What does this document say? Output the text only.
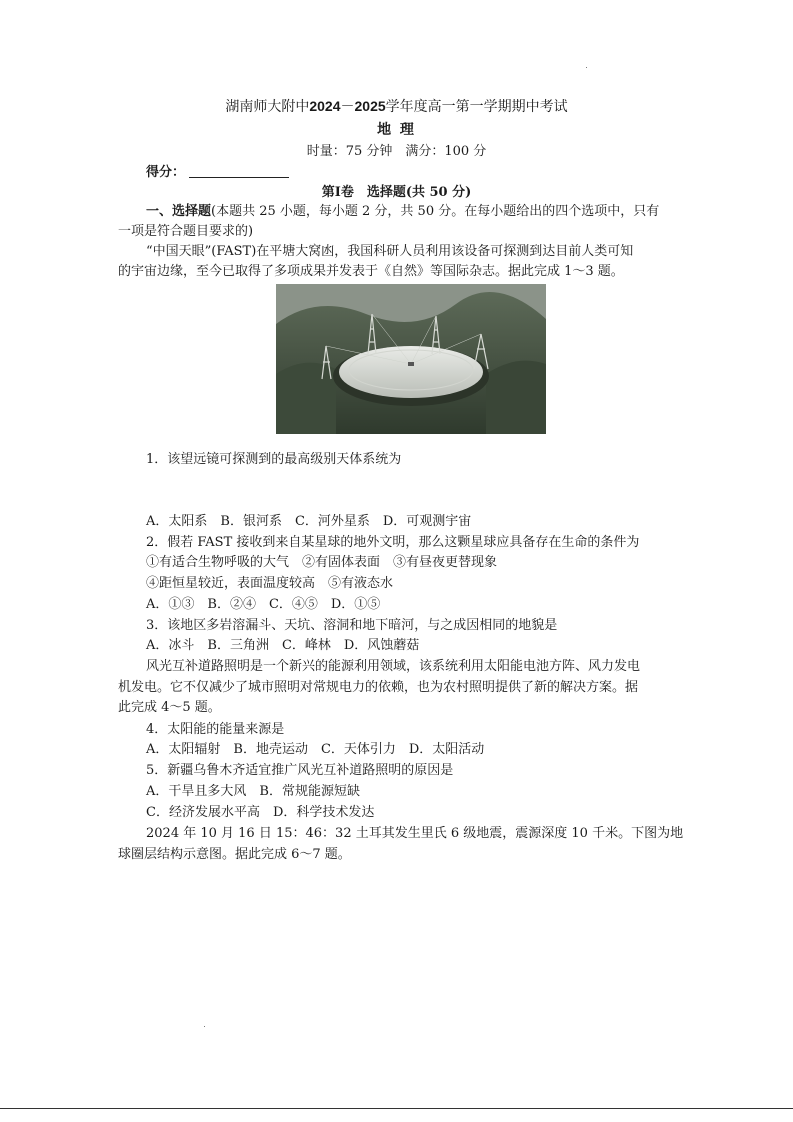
湖南师大附中2024－2025学年度高一第一学期期中考试
地 理
时量：75 分钟　满分：100 分
得分：
第Ⅰ卷　选择题(共 50 分)
一、选择题(本题共 25 小题，每小题 2 分，共 50 分。在每小题给出的四个选项中，只有
一项是符合题目要求的)
“中国天眼”(FAST)在平塘大窝凼，我国科研人员利用该设备可探测到达目前人类可知
的宇宙边缘，至今已取得了多项成果并发表于《自然》等国际杂志。据此完成 1～3 题。
1．该望远镜可探测到的最高级别天体系统为
A．太阳系　B．银河系　C．河外星系　D．可观测宇宙
2．假若 FAST 接收到来自某星球的地外文明，那么这颗星球应具备存在生命的条件为
①有适合生物呼吸的大气　②有固体表面　③有昼夜更替现象
④距恒星较近，表面温度较高　⑤有液态水
A．①③　B．②④　C．④⑤　D．①⑤
3．该地区多岩溶漏斗、天坑、溶洞和地下暗河，与之成因相同的地貌是
A．冰斗　B．三角洲　C．峰林　D．风蚀蘑菇
风光互补道路照明是一个新兴的能源利用领域，该系统利用太阳能电池方阵、风力发电
机发电。它不仅减少了城市照明对常规电力的依赖，也为农村照明提供了新的解决方案。据
此完成 4～5 题。
4．太阳能的能量来源是
A．太阳辐射　B．地壳运动　C．天体引力　D．太阳活动
5．新疆乌鲁木齐适宜推广风光互补道路照明的原因是
A．干旱且多大风　B．常规能源短缺
C．经济发展水平高　D．科学技术发达
2024 年 10 月 16 日 15：46：32 土耳其发生里氏 6 级地震，震源深度 10 千米。下图为地
球圈层结构示意图。据此完成 6～7 题。
